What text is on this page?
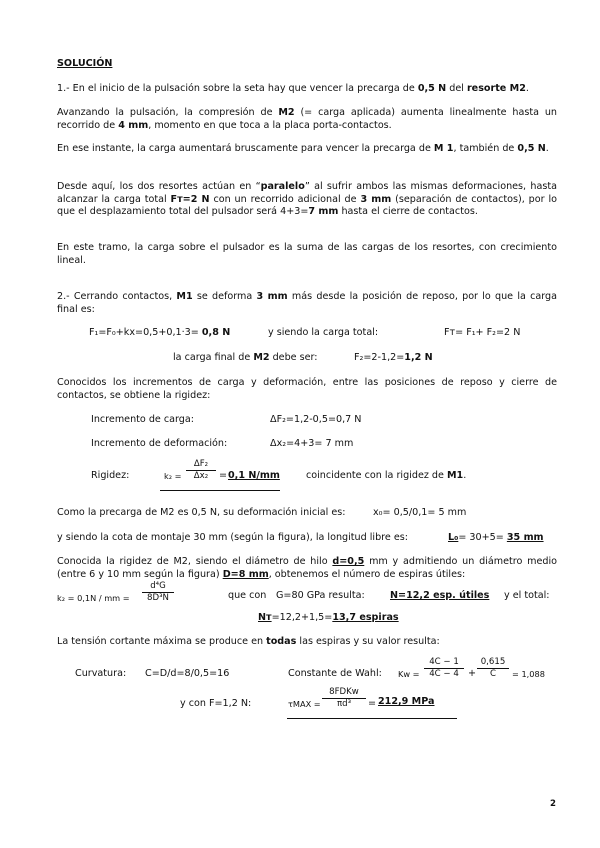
SOLUCIÓN
1.- En el inicio de la pulsación sobre la seta hay que vencer la precarga de 0,5 N del resorte M2.
Avanzando la pulsación, la compresión de M2 (= carga aplicada) aumenta linealmente hasta un recorrido de 4 mm, momento en que toca a la placa porta-contactos.
En ese instante, la carga aumentará bruscamente para vencer la precarga de M 1, también de 0,5 N.
Desde aquí, los dos resortes actúan en “paralelo” al sufrir ambos las mismas deformaciones, hasta alcanzar la carga total Fт=2 N con un recorrido adicional de 3 mm (separación de contactos), por lo que el desplazamiento total del pulsador será 4+3=7 mm hasta el cierre de contactos.
En este tramo, la carga sobre el pulsador es la suma de las cargas de los resortes, con crecimiento lineal.
2.- Cerrando contactos, M1 se deforma 3 mm más desde la posición de reposo, por lo que la carga final es:
F₁=F₀+kx=0,5+0,1·3= 0,8 N	y siendo la carga total:	Fт= F₁+ F₂=2 N
la carga final de M2 debe ser:	F₂=2-1,2=1,2 N
Conocidos los incrementos de carga y deformación, entre las posiciones de reposo y cierre de contactos, se obtiene la rigidez:
Incremento de carga:	ΔF₂=1,2-0,5=0,7 N
Incremento de deformación:	Δx₂=4+3= 7 mm
Rigidez:	$k_2 = \frac{\text{ΔF₂}}{\text{Δx₂}} = 0,1$ N/mm	coincidente con la rigidez de M1.
Como la precarga de M2 es 0,5 N, su deformación inicial es:	x₀= 0,5/0,1= 5 mm
y siendo la cota de montaje 30 mm (según la figura), la longitud libre es:	L₀= 30+5= 35 mm
Conocida la rigidez de M2, siendo el diámetro de hilo d=0,5 mm y admitiendo un diámetro medio (entre 6 y 10 mm según la figura) D=8 mm, obtenemos el número de espiras útiles:
k₂ = 0,1N / mm = $\frac{\text{d⁴G}}{\text{8D³N}}$	que con G=80 GPa resulta:	N=12,2 esp. útiles y el total:
Nт=12,2+1,5=13,7 espiras
La tensión cortante máxima se produce en todas las espiras y su valor resulta:
Curvatura: C=D/d=8/0,5=16	Constante de Wahl: $Kw = \frac{4C - 1}{4C - 4} + \frac{0,615}{C} = 1,088$
y con F=1,2 N:	τMAX =
8FDKw
πd³	= 212,9 MPa
2
